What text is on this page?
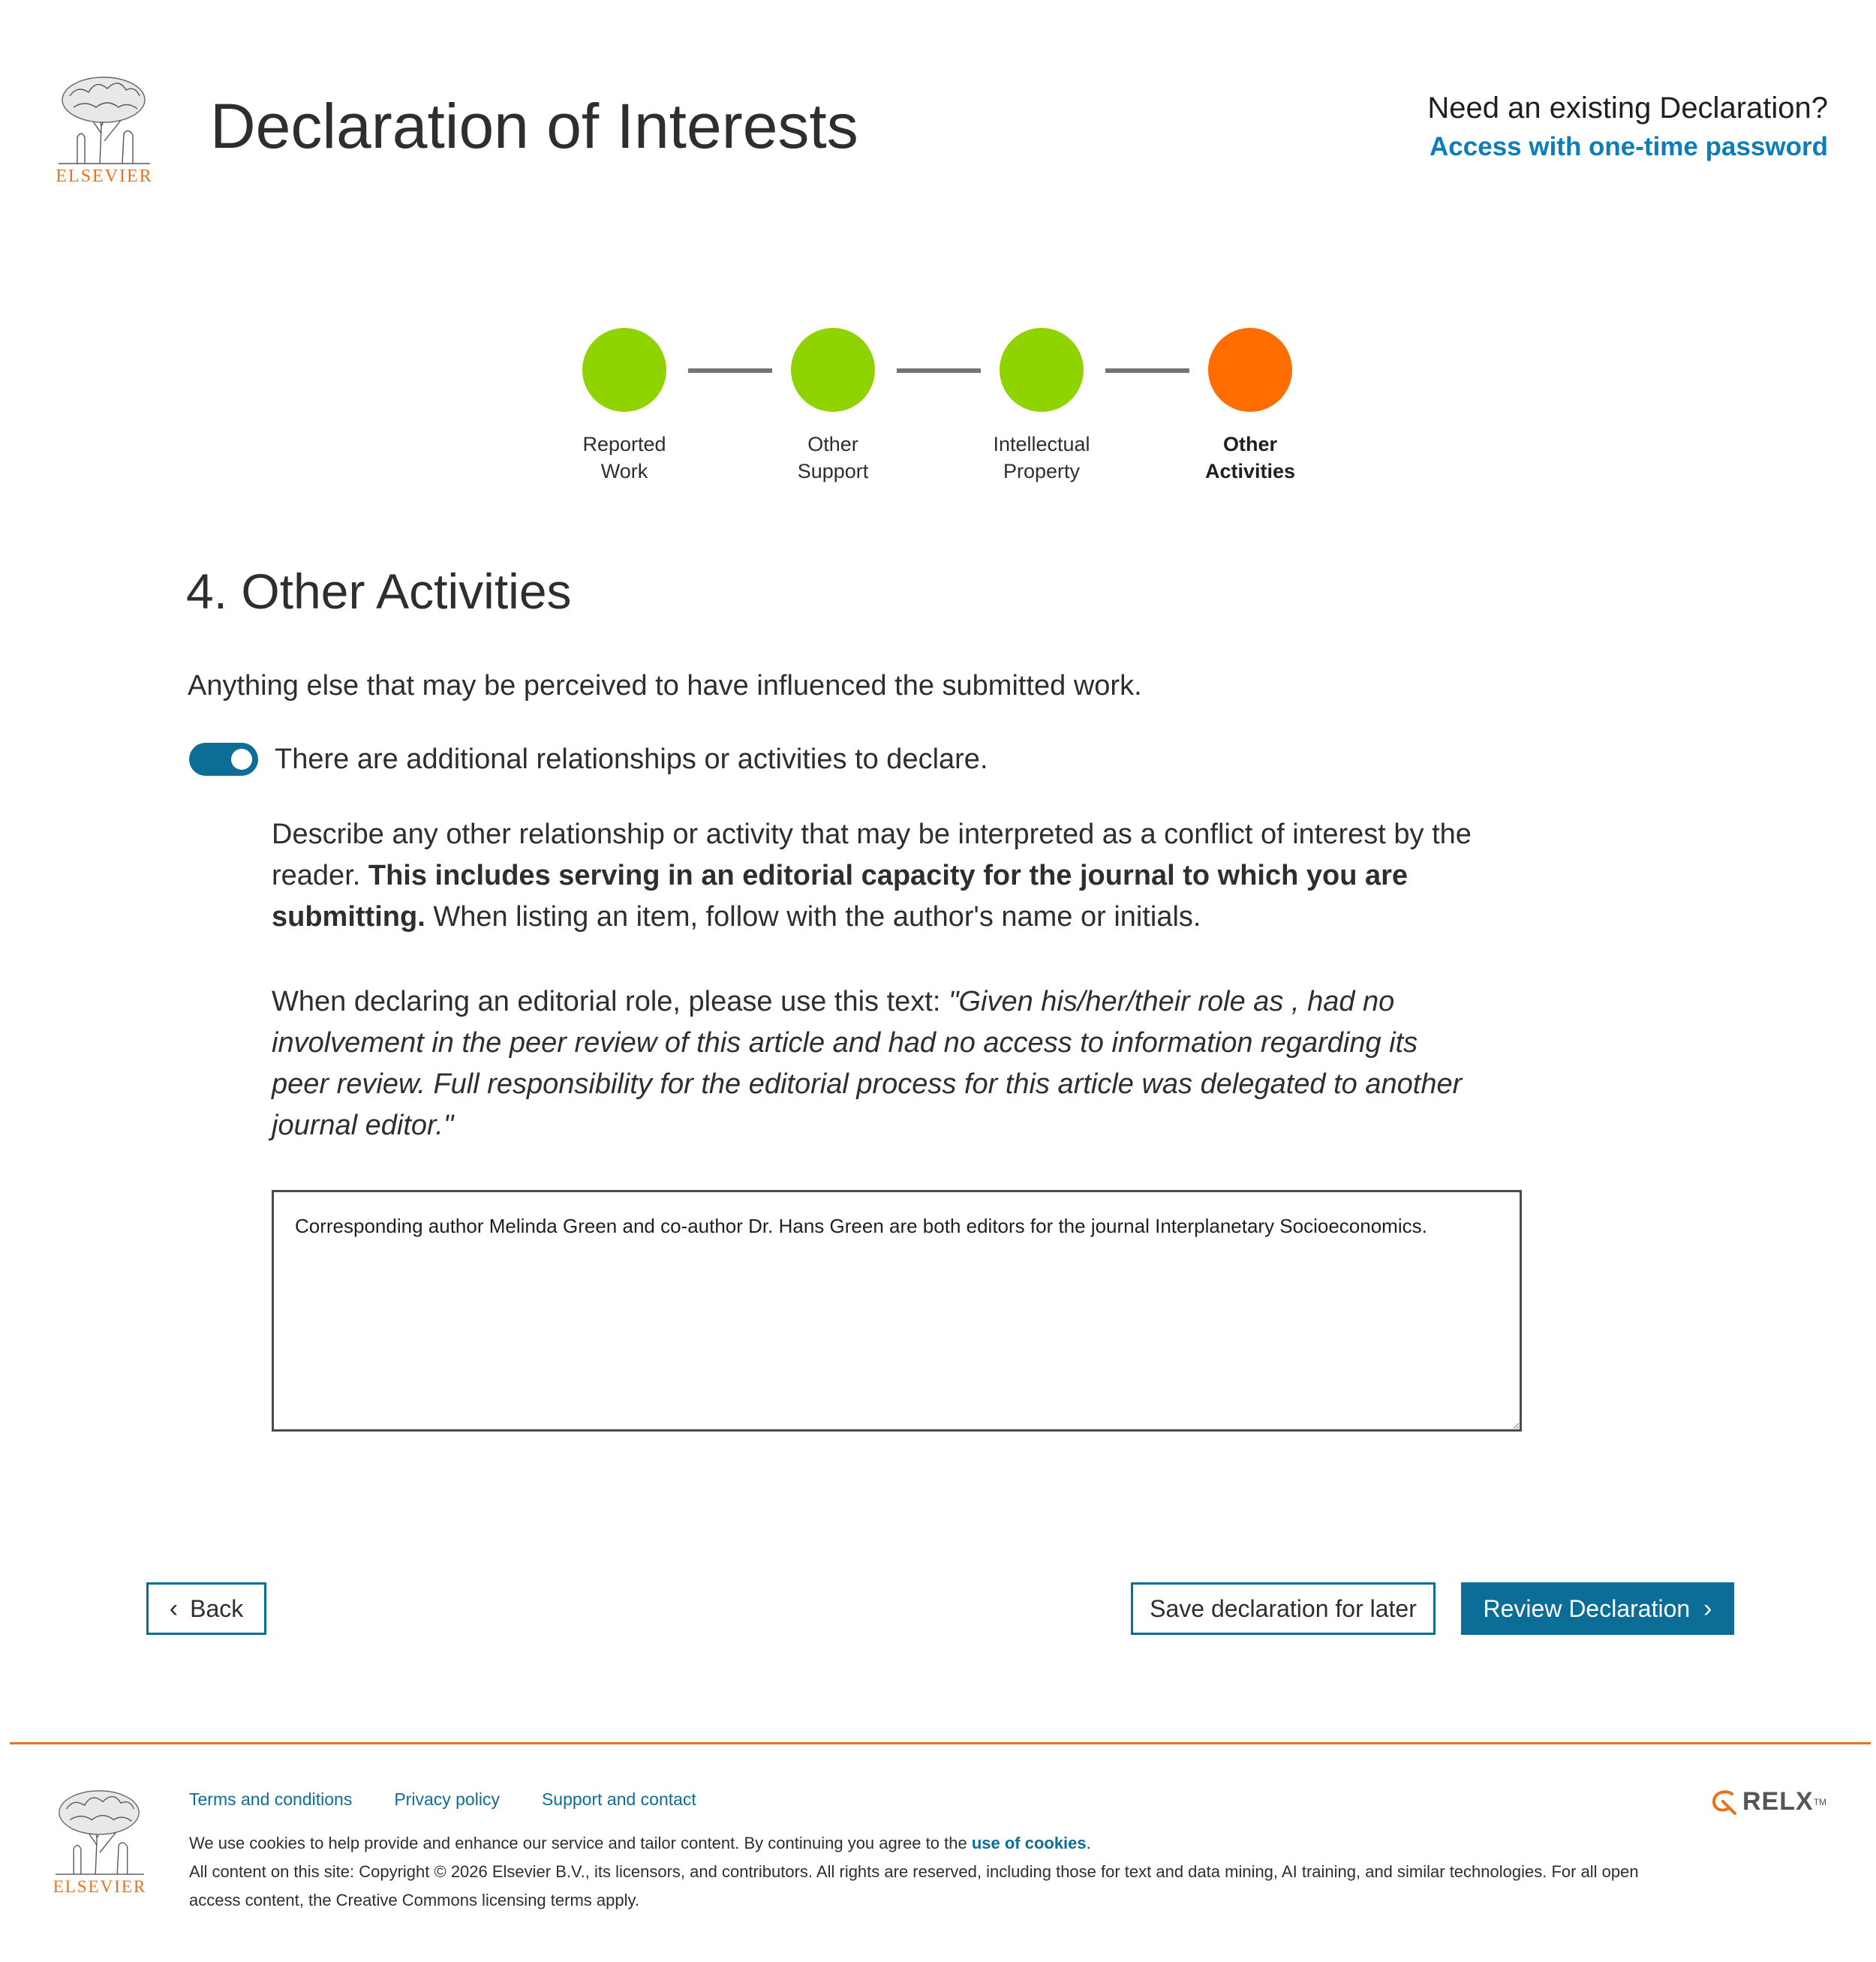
ELSEVIER
Declaration of Interests	Need an existing Declaration?
Access with one-time password
Reported
Work
Other
Support
Intellectual
Property
Other
Activities
4. Other Activities

Anything else that may be perceived to have influenced the submitted work.

There are additional relationships or activities to declare.

Describe any other relationship or activity that may be interpreted as a conflict of interest by the reader. This includes serving in an editorial capacity for the journal to which you are submitting. When listing an item, follow with the author's name or initials.

When declaring an editorial role, please use this text: "Given his/her/their role as , had no involvement in the peer review of this article and had no access to information regarding its peer review. Full responsibility for the editorial process for this article was delegated to another journal editor."

Corresponding author Melinda Green and co-author Dr. Hans Green are both editors for the journal Interplanetary Socioeconomics.
‹ Back	Save declaration for later	Review Declaration ›
ELSEVIER
Terms and conditions Privacy policy Support and contact
We use cookies to help provide and enhance our service and tailor content. By continuing you agree to the use of cookies.
All content on this site: Copyright © 2026 Elsevier B.V., its licensors, and contributors. All rights are reserved, including those for text and data mining, AI training, and similar technologies. For all open access content, the Creative Commons licensing terms apply.
RELX TM
